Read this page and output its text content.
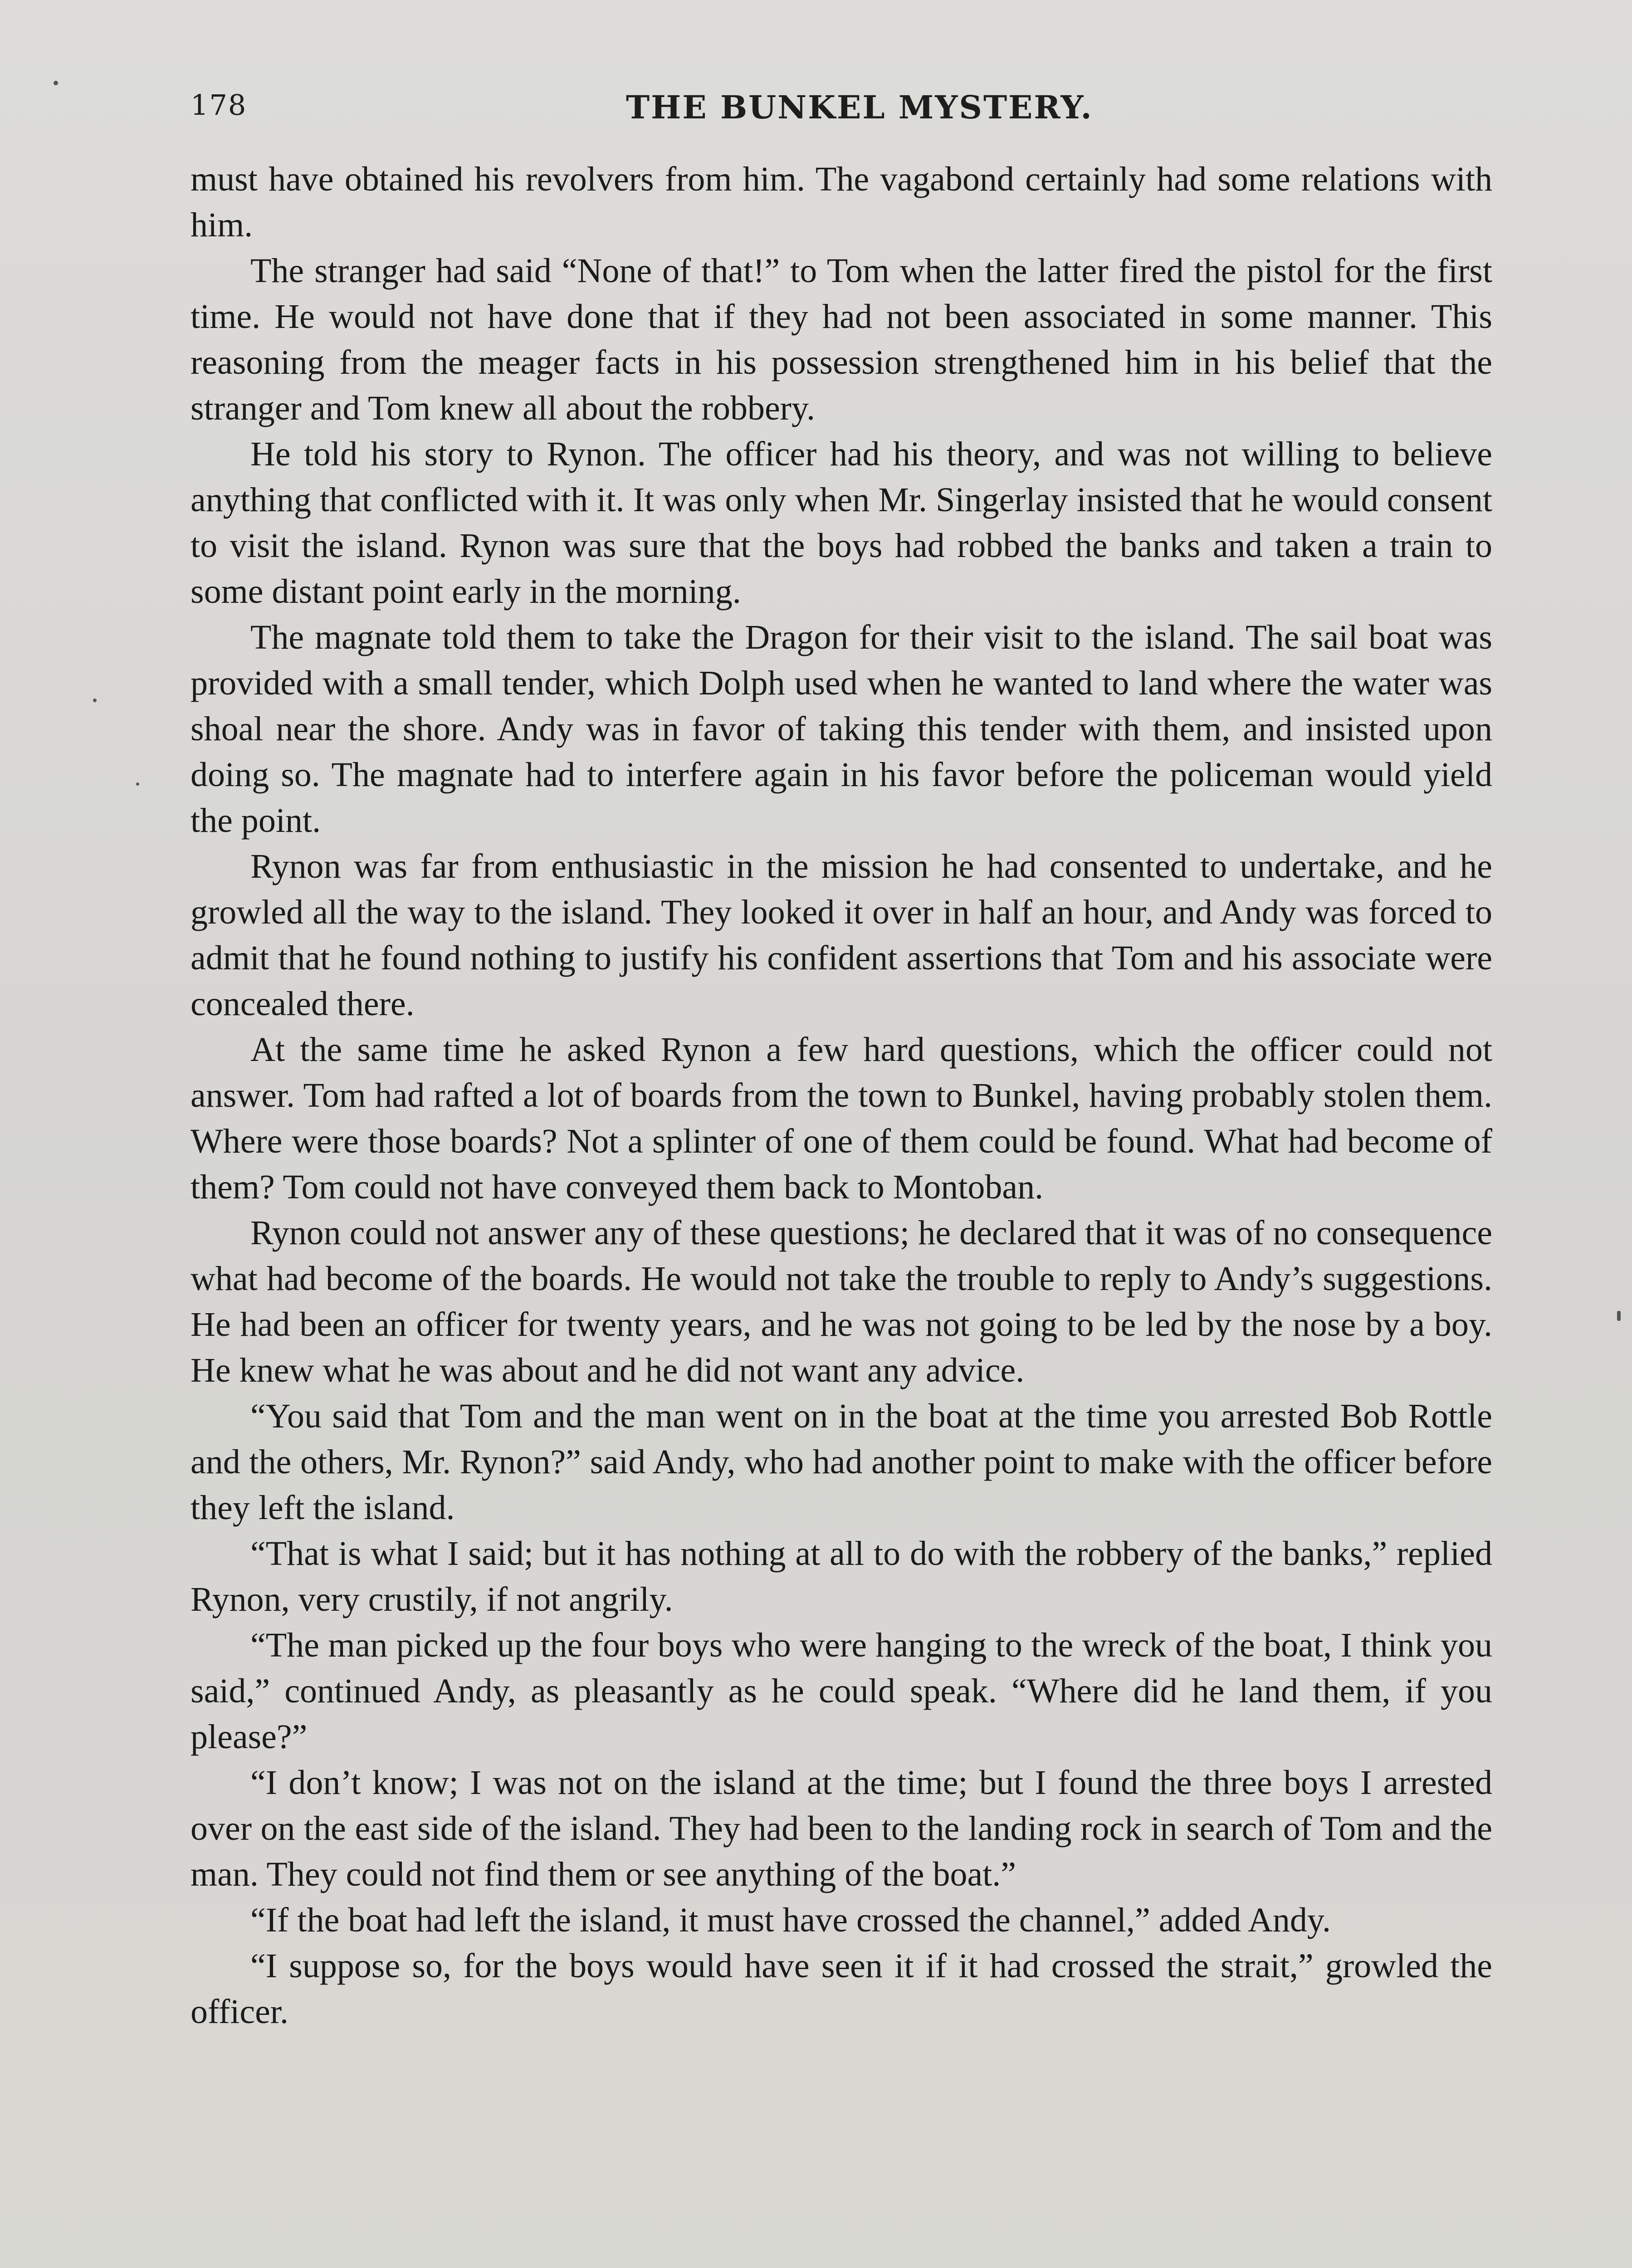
178	THE BUNKEL MYSTERY.

must have obtained his revolvers from him. The vagabond certainly had some relations with him.

The stranger had said “None of that!” to Tom when the latter fired the pistol for the first time. He would not have done that if they had not been associated in some manner. This reasoning from the meager facts in his possession strengthened him in his belief that the stranger and Tom knew all about the robbery.

He told his story to Rynon. The officer had his theory, and was not willing to believe anything that conflicted with it. It was only when Mr. Singerlay insisted that he would consent to visit the island. Rynon was sure that the boys had robbed the banks and taken a train to some distant point early in the morning.

The magnate told them to take the Dragon for their visit to the island. The sail boat was provided with a small tender, which Dolph used when he wanted to land where the water was shoal near the shore. Andy was in favor of taking this tender with them, and insisted upon doing so. The magnate had to interfere again in his favor before the policeman would yield the point.

Rynon was far from enthusiastic in the mission he had consented to undertake, and he growled all the way to the island. They looked it over in half an hour, and Andy was forced to admit that he found nothing to justify his confident assertions that Tom and his associate were concealed there.

At the same time he asked Rynon a few hard questions, which the officer could not answer. Tom had rafted a lot of boards from the town to Bunkel, having probably stolen them. Where were those boards? Not a splinter of one of them could be found. What had become of them? Tom could not have conveyed them back to Montoban.

Rynon could not answer any of these questions; he declared that it was of no consequence what had become of the boards. He would not take the trouble to reply to Andy’s suggestions. He had been an officer for twenty years, and he was not going to be led by the nose by a boy. He knew what he was about and he did not want any advice.

“You said that Tom and the man went on in the boat at the time you arrested Bob Rottle and the others, Mr. Rynon?” said Andy, who had another point to make with the officer before they left the island.

“That is what I said; but it has nothing at all to do with the robbery of the banks,” replied Rynon, very crustily, if not angrily.

“The man picked up the four boys who were hanging to the wreck of the boat, I think you said,” continued Andy, as pleasantly as he could speak. “Where did he land them, if you please?”

“I don’t know; I was not on the island at the time; but I found the three boys I arrested over on the east side of the island. They had been to the landing rock in search of Tom and the man. They could not find them or see anything of the boat.”

“If the boat had left the island, it must have crossed the channel,” added Andy.

“I suppose so, for the boys would have seen it if it had crossed the strait,” growled the officer.
